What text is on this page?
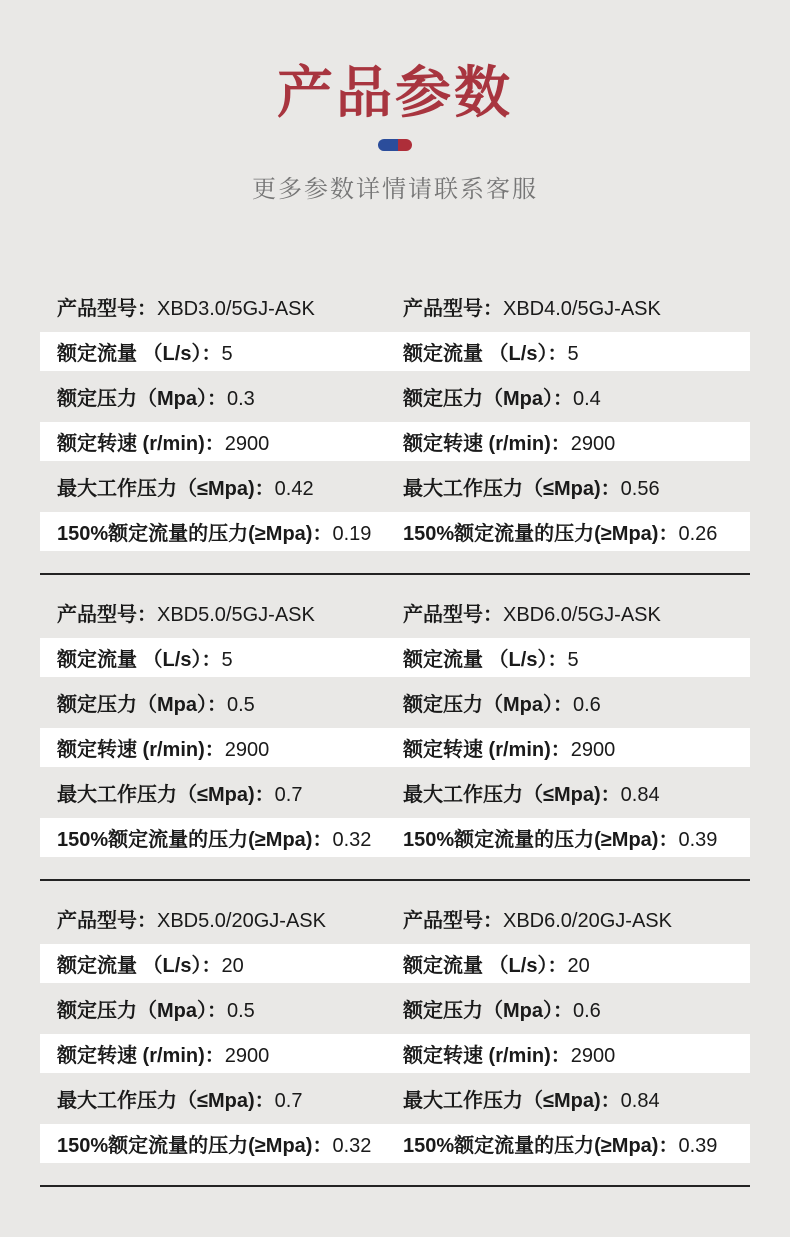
产品参数

更多参数详情请联系客服

产品型号：XBD3.0/5GJ-ASK	产品型号：XBD4.0/5GJ-ASK
额定流量 （L/s）：5	额定流量 （L/s）：5
额定压力（Mpa）：0.3	额定压力（Mpa）：0.4
额定转速 (r/min)：2900	额定转速 (r/min)：2900
最大工作压力（≤Mpa)：0.42	最大工作压力（≤Mpa)：0.56
150%额定流量的压力(≥Mpa)：0.19	150%额定流量的压力(≥Mpa)：0.26
产品型号：XBD5.0/5GJ-ASK	产品型号：XBD6.0/5GJ-ASK
额定流量 （L/s）：5	额定流量 （L/s）：5
额定压力（Mpa）：0.5	额定压力（Mpa）：0.6
额定转速 (r/min)：2900	额定转速 (r/min)：2900
最大工作压力（≤Mpa)：0.7	最大工作压力（≤Mpa)：0.84
150%额定流量的压力(≥Mpa)：0.32	150%额定流量的压力(≥Mpa)：0.39
产品型号：XBD5.0/20GJ-ASK	产品型号：XBD6.0/20GJ-ASK
额定流量 （L/s）：20	额定流量 （L/s）：20
额定压力（Mpa）：0.5	额定压力（Mpa）：0.6
额定转速 (r/min)：2900	额定转速 (r/min)：2900
最大工作压力（≤Mpa)：0.7	最大工作压力（≤Mpa)：0.84
150%额定流量的压力(≥Mpa)：0.32	150%额定流量的压力(≥Mpa)：0.39
